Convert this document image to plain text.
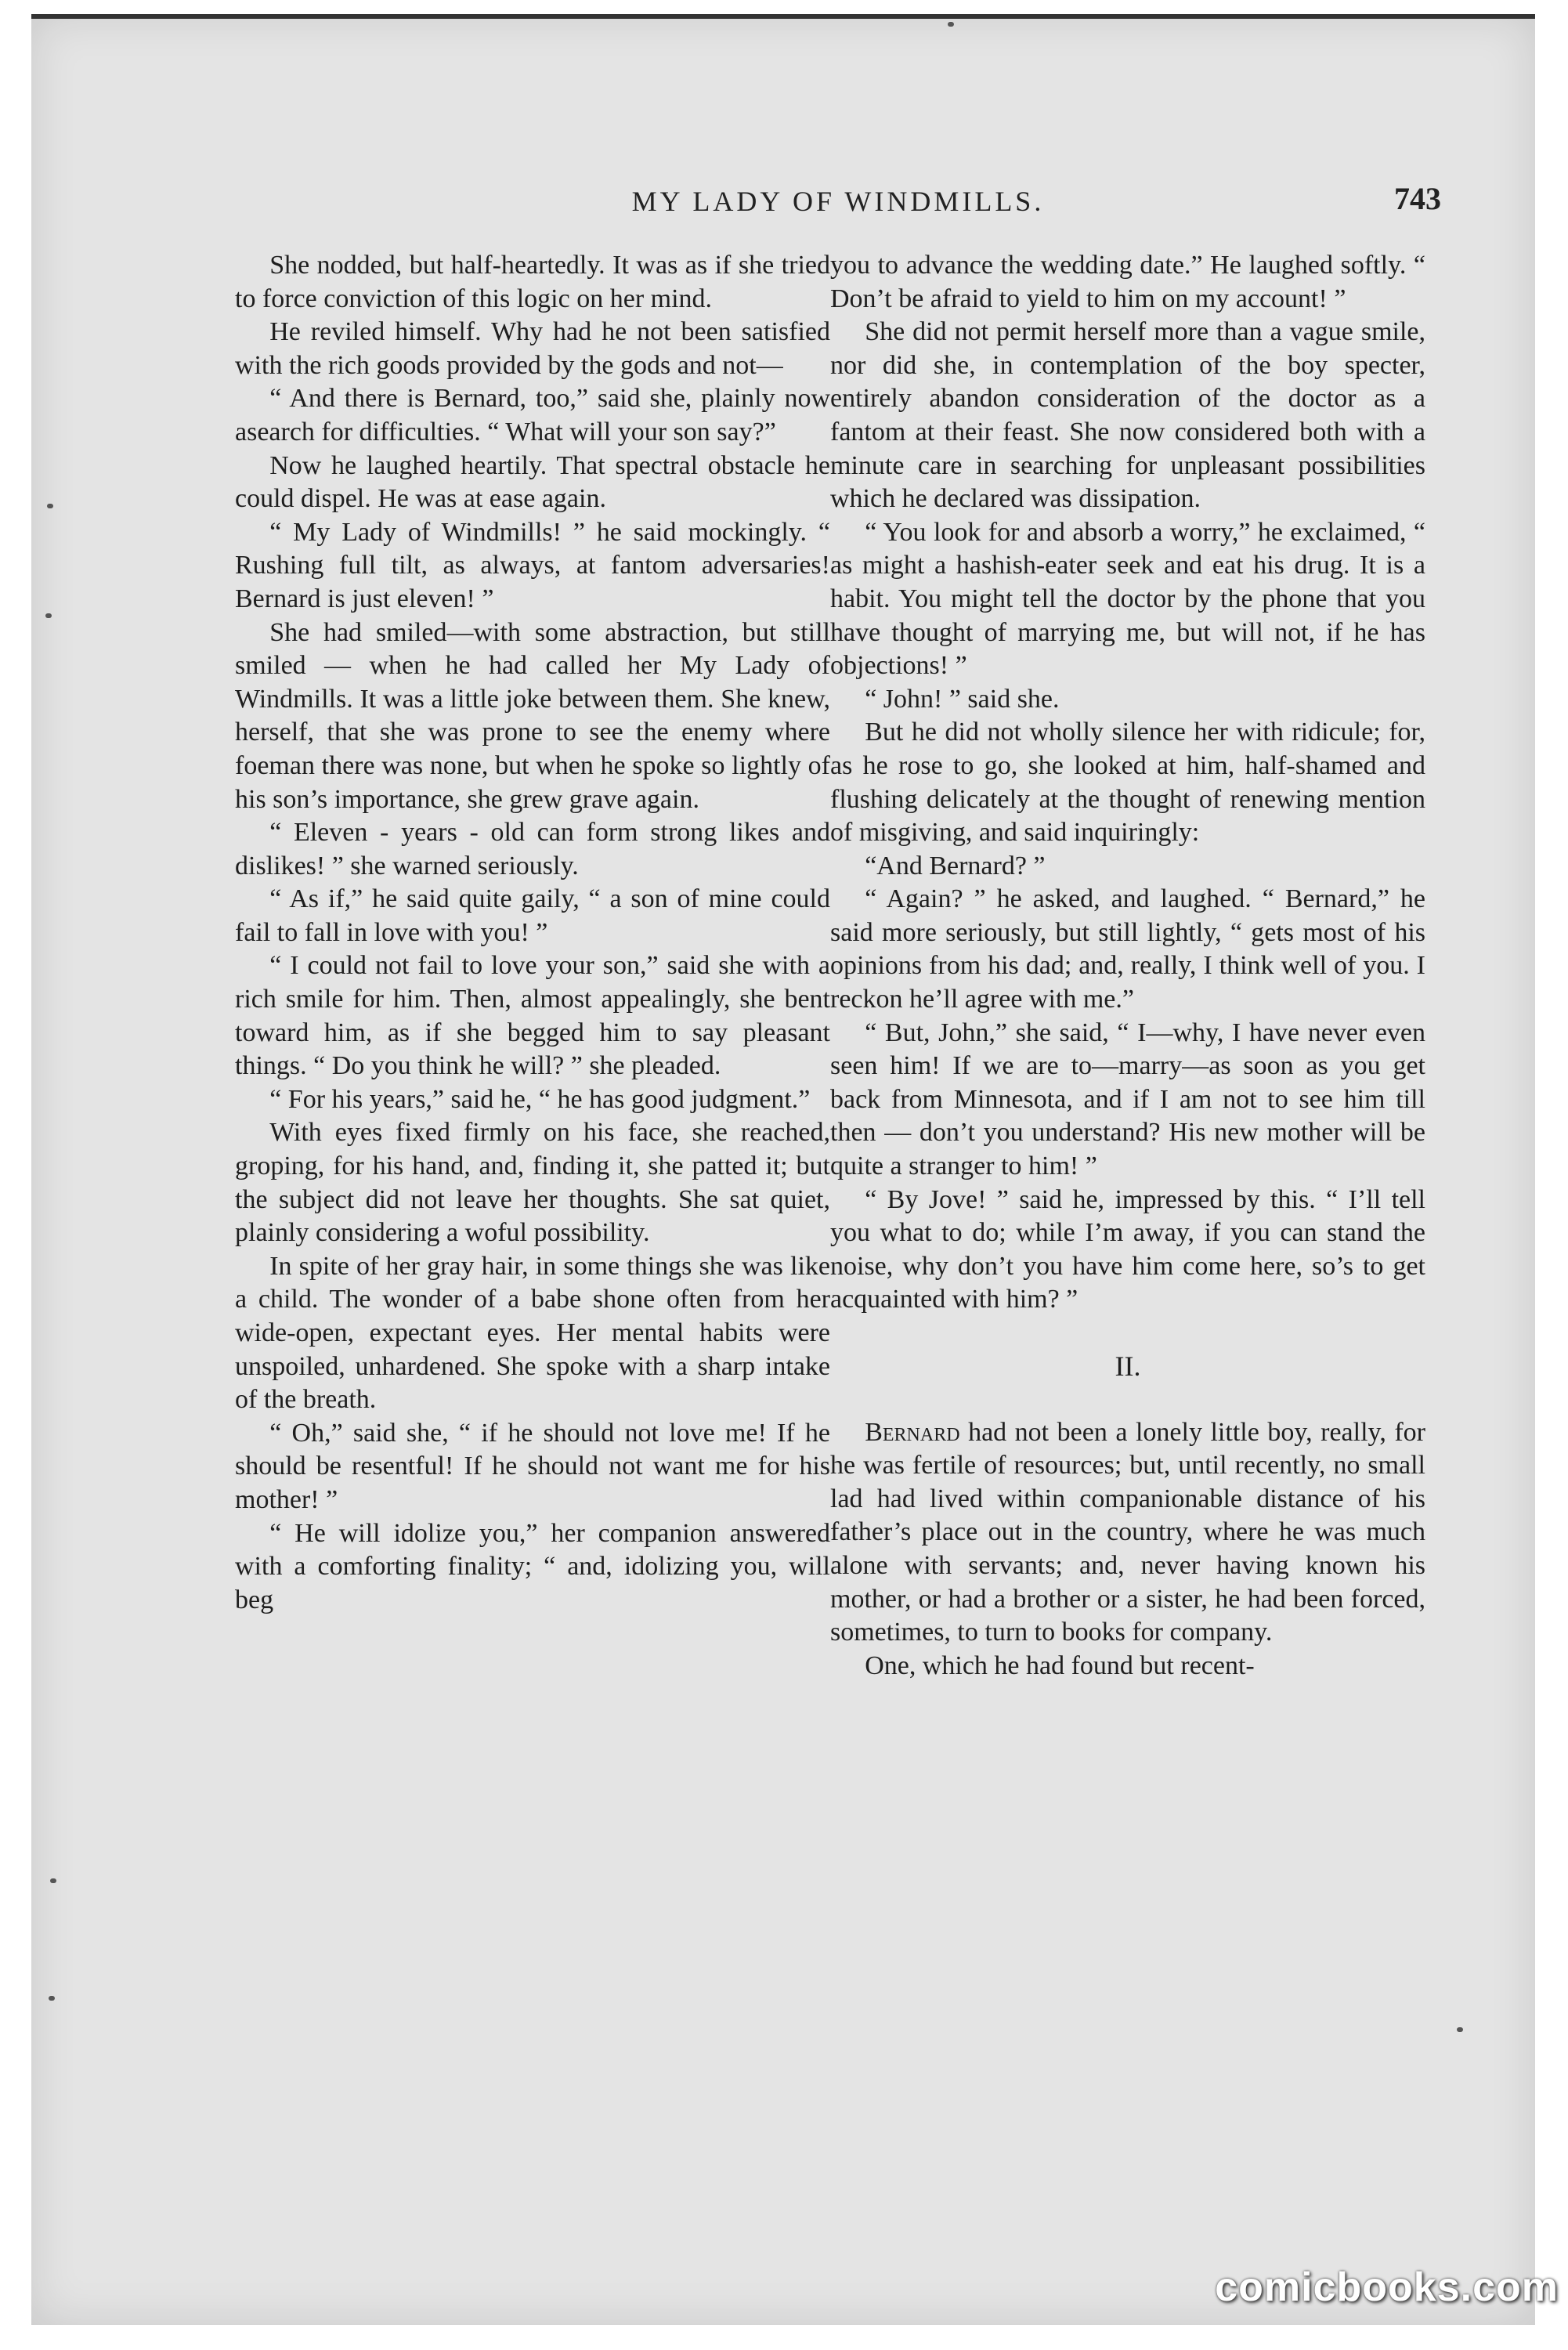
MY LADY OF WINDMILLS.	743

She nodded, but half-heartedly. It was as if she tried to force conviction of this logic on her mind.

He reviled himself. Why had he not been satisfied with the rich goods provided by the gods and not—

“ And there is Bernard, too,” said she, plainly now asearch for difficulties. “ What will your son say?”

Now he laughed heartily. That spectral obstacle he could dispel. He was at ease again.

“ My Lady of Windmills! ” he said mockingly. “ Rushing full tilt, as always, at fantom adversaries! Bernard is just eleven! ”

She had smiled—with some abstraction, but still smiled — when he had called her My Lady of Windmills. It was a little joke between them. She knew, herself, that she was prone to see the enemy where foeman there was none, but when he spoke so lightly of his son’s importance, she grew grave again.

“ Eleven - years - old can form strong likes and dislikes! ” she warned seriously.

“ As if,” he said quite gaily, “ a son of mine could fail to fall in love with you! ”

“ I could not fail to love your son,” said she with a rich smile for him. Then, almost appealingly, she bent toward him, as if she begged him to say pleasant things. “ Do you think he will? ” she pleaded.

“ For his years,” said he, “ he has good judgment.”

With eyes fixed firmly on his face, she reached, groping, for his hand, and, finding it, she patted it; but the subject did not leave her thoughts. She sat quiet, plainly considering a woful possibility.

In spite of her gray hair, in some things she was like a child. The wonder of a babe shone often from her wide-open, expectant eyes. Her mental habits were unspoiled, unhardened. She spoke with a sharp intake of the breath.

“ Oh,” said she, “ if he should not love me! If he should be resentful! If he should not want me for his mother! ”

“ He will idolize you,” her companion answered with a comforting finality; “ and, idolizing you, will beg

you to advance the wedding date.” He laughed softly. “ Don’t be afraid to yield to him on my account! ”

She did not permit herself more than a vague smile, nor did she, in contemplation of the boy specter, entirely abandon consideration of the doctor as a fantom at their feast. She now considered both with a minute care in searching for unpleasant possibilities which he declared was dissipation.

“ You look for and absorb a worry,” he exclaimed, “ as might a hashish-eater seek and eat his drug. It is a habit. You might tell the doctor by the phone that you have thought of marrying me, but will not, if he has objections! ”

“ John! ” said she.

But he did not wholly silence her with ridicule; for, as he rose to go, she looked at him, half-shamed and flushing delicately at the thought of renewing mention of misgiving, and said inquiringly:

“And Bernard? ”

“ Again? ” he asked, and laughed. “ Bernard,” he said more seriously, but still lightly, “ gets most of his opinions from his dad; and, really, I think well of you. I reckon he’ll agree with me.”

“ But, John,” she said, “ I—why, I have never even seen him! If we are to—marry—as soon as you get back from Minnesota, and if I am not to see him till then — don’t you understand? His new mother will be quite a stranger to him! ”

“ By Jove! ” said he, impressed by this. “ I’ll tell you what to do; while I’m away, if you can stand the noise, why don’t you have him come here, so’s to get acquainted with him? ”

II.

Bernard had not been a lonely little boy, really, for he was fertile of resources; but, until recently, no small lad had lived within companionable distance of his father’s place out in the country, where he was much alone with servants; and, never having known his mother, or had a brother or a sister, he had been forced, sometimes, to turn to books for company.

One, which he had found but recent-

comicbooks.com
